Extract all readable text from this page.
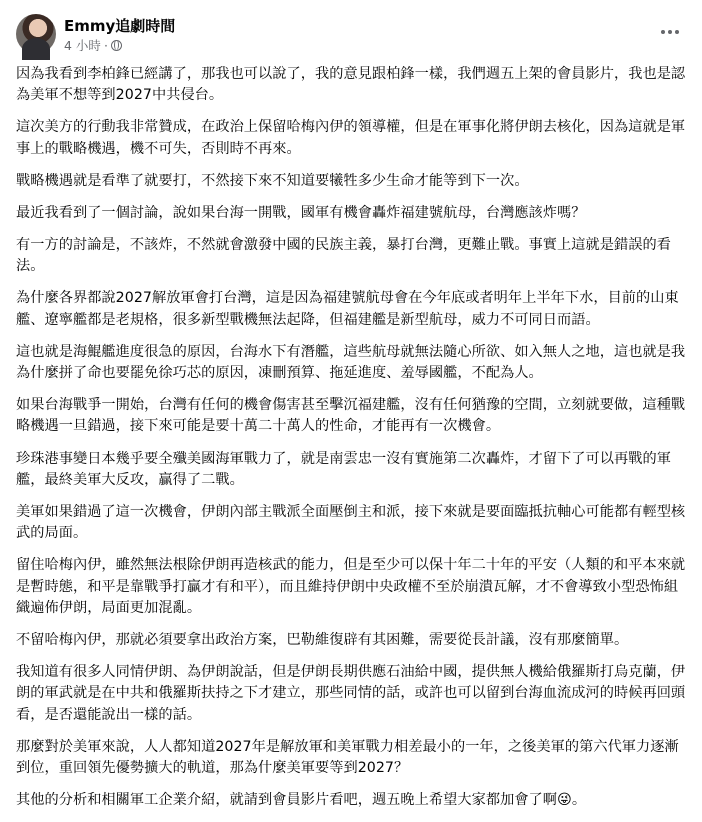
Emmy追劇時間
4 小時 ·

因為我看到李柏鋒已經講了，那我也可以說了，我的意見跟柏鋒一樣，我們週五上架的會員影片，我也是認為美軍不想等到2027中共侵台。

這次美方的行動我非常贊成，在政治上保留哈梅內伊的領導權，但是在軍事化將伊朗去核化，因為這就是軍事上的戰略機遇，機不可失，否則時不再來。

戰略機遇就是看準了就要打，不然接下來不知道要犧牲多少生命才能等到下一次。

最近我看到了一個討論，說如果台海一開戰，國軍有機會轟炸福建號航母，台灣應該炸嗎？

有一方的討論是，不該炸，不然就會激發中國的民族主義，暴打台灣，更難止戰。事實上這就是錯誤的看法。

為什麼各界都說2027解放軍會打台灣，這是因為福建號航母會在今年底或者明年上半年下水，目前的山東艦、遼寧艦都是老規格，很多新型戰機無法起降，但福建艦是新型航母，威力不可同日而語。

這也就是海鯤艦進度很急的原因，台海水下有潛艦，這些航母就無法隨心所欲、如入無人之地，這也就是我為什麼拼了命也要罷免徐巧芯的原因，凍刪預算、拖延進度、羞辱國艦，不配為人。

如果台海戰爭一開始，台灣有任何的機會傷害甚至擊沉福建艦，沒有任何猶豫的空間，立刻就要做，這種戰略機遇一旦錯過，接下來可能是要十萬二十萬人的性命，才能再有一次機會。

珍珠港事變日本幾乎要全殲美國海軍戰力了，就是南雲忠一沒有實施第二次轟炸，才留下了可以再戰的軍艦，最終美軍大反攻，贏得了二戰。

美軍如果錯過了這一次機會，伊朗內部主戰派全面壓倒主和派，接下來就是要面臨抵抗軸心可能都有輕型核武的局面。

留住哈梅內伊，雖然無法根除伊朗再造核武的能力，但是至少可以保十年二十年的平安（人類的和平本來就是暫時態，和平是靠戰爭打贏才有和平），而且維持伊朗中央政權不至於崩潰瓦解，才不會導致小型恐怖組織遍佈伊朗，局面更加混亂。

不留哈梅內伊，那就必須要拿出政治方案，巴勒維復辟有其困難，需要從長計議，沒有那麼簡單。

我知道有很多人同情伊朗、為伊朗說話，但是伊朗長期供應石油給中國，提供無人機給俄羅斯打烏克蘭，伊朗的軍武就是在中共和俄羅斯扶持之下才建立，那些同情的話，或許也可以留到台海血流成河的時候再回頭看，是否還能說出一樣的話。

那麼對於美軍來說，人人都知道2027年是解放軍和美軍戰力相差最小的一年，之後美軍的第六代軍力逐漸到位，重回領先優勢擴大的軌道，那為什麼美軍要等到2027？

其他的分析和相關軍工企業介紹，就請到會員影片看吧，週五晚上希望大家都加會了啊😜。
